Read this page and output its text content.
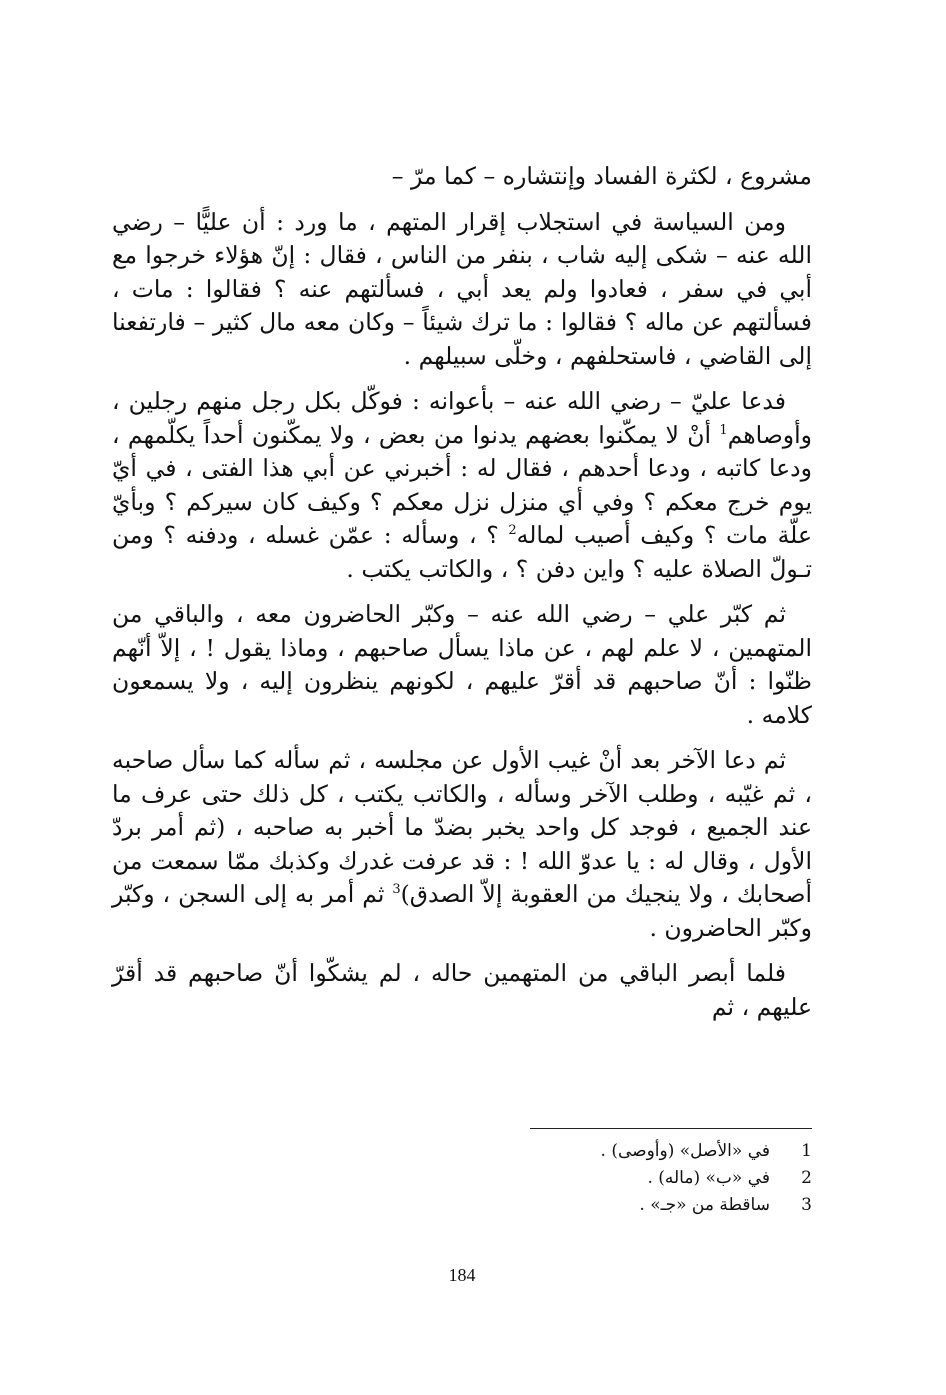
مشروع ، لكثرة الفساد وإنتشاره – كما مرّ –

ومن السياسة في استجلاب إقرار المتهم ، ما ورد : أن عليًّا – رضي الله عنه – شكى إليه شاب ، بنفر من الناس ، فقال : إنّ هؤلاء خرجوا مع أبي في سفر ، فعادوا ولم يعد أبي ، فسألتهم عنه ؟ فقالوا : مات ، فسألتهم عن ماله ؟ فقالوا : ما ترك شيئاً – وكان معه مال كثير – فارتفعنا إلى القاضي ، فاستحلفهم ، وخلّى سبيلهم .

فدعا عليّ – رضي الله عنه – بأعوانه : فوكّل بكل رجل منهم رجلين ، وأوصاهم$^1$ أنْ لا يمكّنوا بعضهم يدنوا من بعض ، ولا يمكّنون أحداً يكلّمهم ، ودعا كاتبه ، ودعا أحدهم ، فقال له : أخبرني عن أبي هذا الفتى ، في أيّ يوم خرج معكم ؟ وفي أي منزل نزل معكم ؟ وكيف كان سيركم ؟ وبأيّ علّة مات ؟ وكيف أصيب لماله$^2$ ؟ ، وسأله : عمّن غسله ، ودفنه ؟ ومن تـولّ الصلاة عليه ؟ واين دفن ؟ ، والكاتب يكتب .

ثم كبّر علي – رضي الله عنه – وكبّر الحاضرون معه ، والباقي من المتهمين ، لا علم لهم ، عن ماذا يسأل صاحبهم ، وماذا يقول ! ، إلاّ أنّهم ظنّوا : أنّ صاحبهم قد أقرّ عليهم ، لكونهم ينظرون إليه ، ولا يسمعون كلامه .

ثم دعا الآخر بعد أنْ غيب الأول عن مجلسه ، ثم سأله كما سأل صاحبه ، ثم غيّبه ، وطلب الآخر وسأله ، والكاتب يكتب ، كل ذلك حتى عرف ما عند الجميع ، فوجد كل واحد يخبر بضدّ ما أخبر به صاحبه ، (ثم أمر بردّ الأول ، وقال له : يا عدوّ الله ! : قد عرفت غدرك وكذبك ممّا سمعت من أصحابك ، ولا ينجيك من العقوبة إلاّ الصدق)$^3$ ثم أمر به إلى السجن ، وكبّر وكبّر الحاضرون .

فلما أبصر الباقي من المتهمين حاله ، لم يشكّوا أنّ صاحبهم قد أقرّ عليهم ، ثم

1
في «الأصل» (وأوصى) .
2
في «ب» (ماله) .
3
ساقطة من «جـ» .
184
